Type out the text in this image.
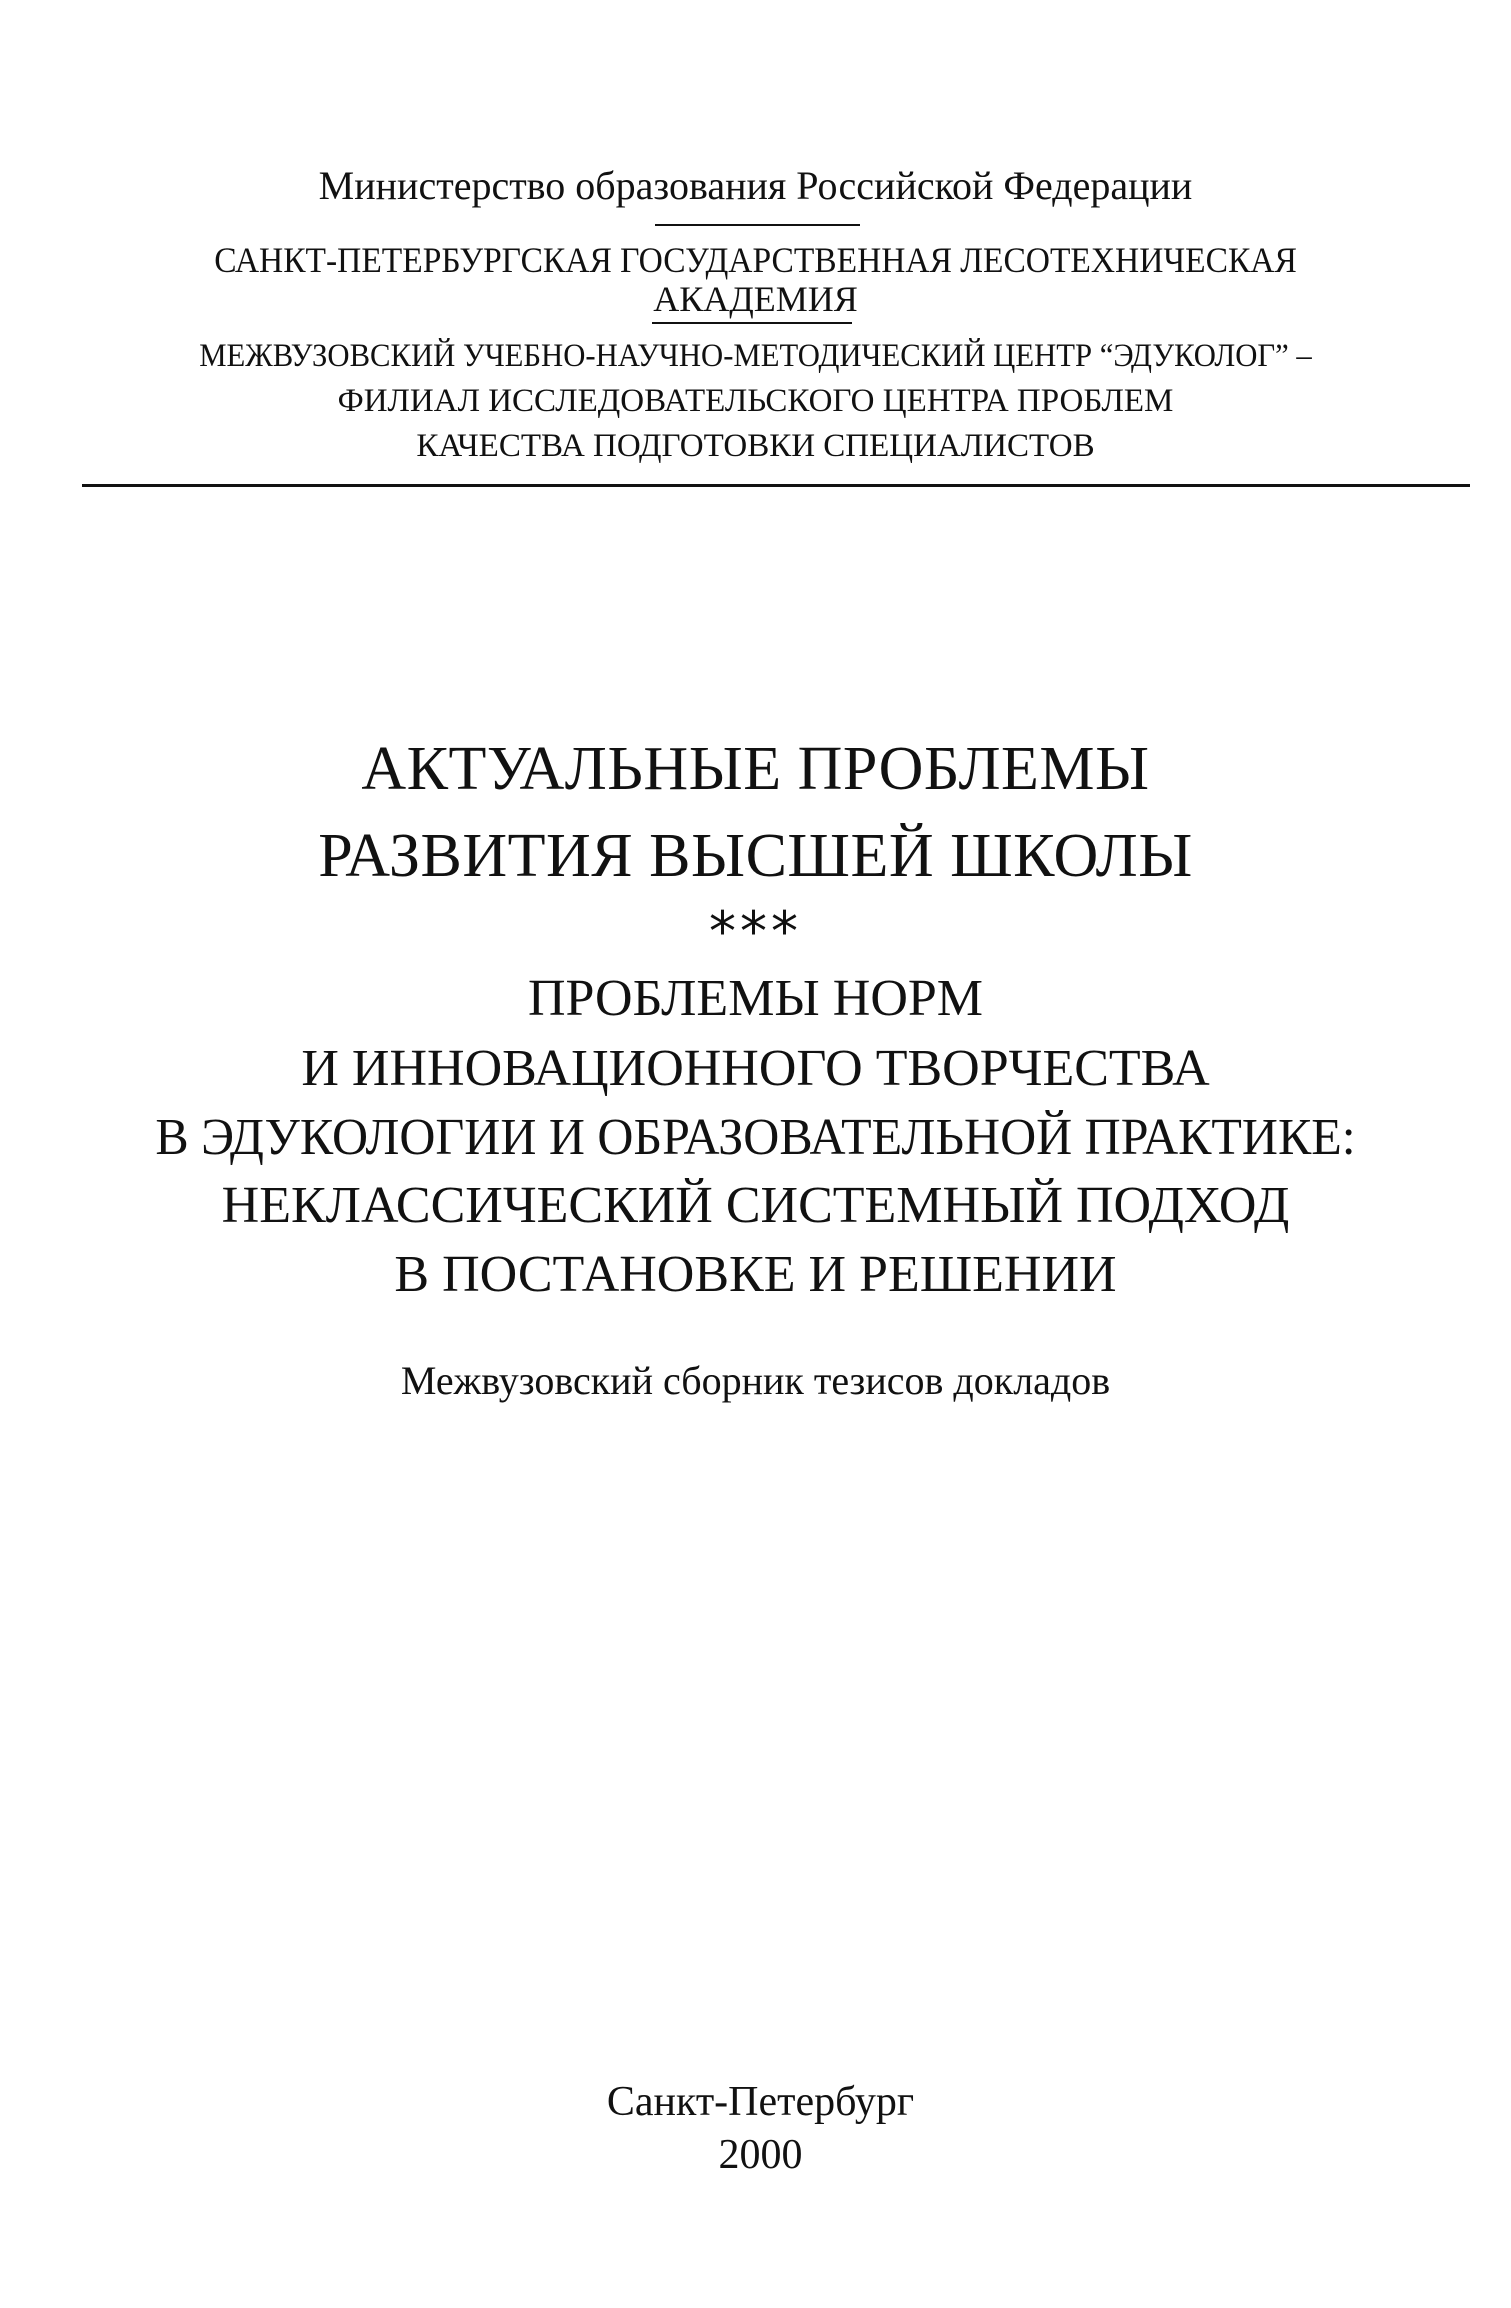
Министерство образования Российской Федерации
САНКТ-ПЕТЕРБУРГСКАЯ ГОСУДАРСТВЕННАЯ ЛЕСОТЕХНИЧЕСКАЯ
АКАДЕМИЯ
МЕЖВУЗОВСКИЙ УЧЕБНО-НАУЧНО-МЕТОДИЧЕСКИЙ ЦЕНТР “ЭДУКОЛОГ” –
ФИЛИАЛ ИССЛЕДОВАТЕЛЬСКОГО ЦЕНТРА ПРОБЛЕМ
КАЧЕСТВА ПОДГОТОВКИ СПЕЦИАЛИСТОВ
АКТУАЛЬНЫЕ ПРОБЛЕМЫ
РАЗВИТИЯ ВЫСШЕЙ ШКОЛЫ
***
ПРОБЛЕМЫ НОРМ
И ИННОВАЦИОННОГО ТВОРЧЕСТВА
В ЭДУКОЛОГИИ И ОБРАЗОВАТЕЛЬНОЙ ПРАКТИКЕ:
НЕКЛАССИЧЕСКИЙ СИСТЕМНЫЙ ПОДХОД
В ПОСТАНОВКЕ И РЕШЕНИИ
Межвузовский сборник тезисов докладов
Санкт-Петербург
2000
